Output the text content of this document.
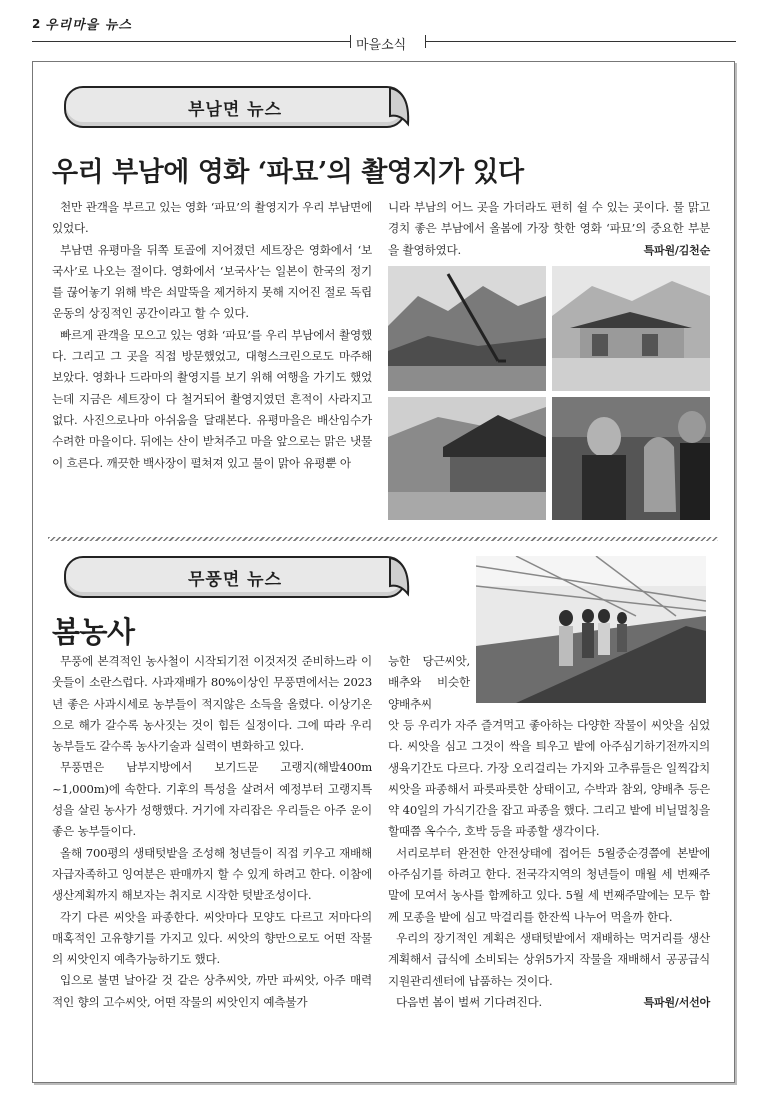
2 우리마을 뉴스
마을소식
부남면 뉴스
우리 부남에 영화 ‘파묘’의 촬영지가 있다

천만 관객을 부르고 있는 영화 ‘파묘’의 촬영지가 우리 부남면에 있었다.

부남면 유평마을 뒤쪽 토골에 지어졌던 세트장은 영화에서 ‘보국사’로 나오는 절이다. 영화에서 ‘보국사’는 일본이 한국의 정기를 끊어놓기 위해 박은 쇠말뚝을 제거하지 못해 지어진 절로 독립운동의 상징적인 공간이라고 할 수 있다.

빠르게 관객을 모으고 있는 영화 ‘파묘’를 우리 부남에서 촬영했다. 그리고 그 곳을 직접 방문했었고, 대형스크린으로도 마주해 보았다. 영화나 드라마의 촬영지를 보기 위해 여행을 가기도 했었는데 지금은 세트장이 다 철거되어 촬영지였던 흔적이 사라지고 없다. 사진으로나마 아쉬움을 달래본다. 유평마을은 배산임수가 수려한 마을이다. 뒤에는 산이 받쳐주고 마을 앞으로는 맑은 냇물이 흐른다. 깨끗한 백사장이 펼쳐져 있고 물이 맑아 유평뿐 아

니라 부남의 어느 곳을 가더라도 편히 쉴 수 있는 곳이다. 물 맑고 경치 좋은 부남에서 올봄에 가장 핫한 영화 ‘파묘’의 중요한 부분을 촬영하였다.	특파원/김천순
무풍면 뉴스
봄농사

무풍에 본격적인 농사철이 시작되기전 이것저것 준비하느라 이웃들이 소란스럽다. 사과재배가 80%이상인 무풍면에서는 2023년 좋은 사과시세로 농부들이 적지않은 소득을 올렸다. 이상기온으로 해가 갈수록 농사짓는 것이 힘든 실정이다. 그에 따라 우리 농부들도 갈수록 농사기술과 실력이 변화하고 있다.

무풍면은 남부지방에서 보기드문 고랭지(해발400m ~1,000m)에 속한다. 기후의 특성을 살려서 예정부터 고랭지특성을 살린 농사가 성행했다. 거기에 자리잡은 우리들은 아주 운이 좋은 농부들이다.

올해 700평의 생태텃밭을 조성해 청년들이 직접 키우고 재배해 자급자족하고 잉여분은 판매까지 할 수 있게 하려고 한다. 이참에 생산계획까지 해보자는 취지로 시작한 텃밭조성이다.

각기 다른 씨앗을 파종한다. 씨앗마다 모양도 다르고 저마다의 매혹적인 고유향기를 가지고 있다. 씨앗의 향만으로도 어떤 작물의 씨앗인지 예측가능하기도 했다.

입으로 불면 날아갈 것 같은 상추씨앗, 까만 파씨앗, 아주 매력적인 향의 고수씨앗, 어떤 작물의 씨앗인지 예측불가

능한 당근씨앗, 배추와 비슷한 양배추씨

앗 등 우리가 자주 즐겨먹고 좋아하는 다양한 작물이 씨앗을 심었다. 씨앗을 심고 그것이 싹을 틔우고 밭에 아주심기하기전까지의 생육기간도 다르다. 가장 오리걸리는 가지와 고추류들은 일찍갑치 씨앗을 파종해서 파릇파릇한 상태이고, 수박과 참외, 양배추 등은 약 40일의 가식기간을 잡고 파종을 했다. 그리고 밭에 비닐멀칭을 할때쯤 옥수수, 호박 등을 파종할 생각이다.

서리로부터 완전한 안전상태에 접어든 5월중순경쯤에 본밭에 아주심기를 하려고 한다. 전국각지역의 청년들이 매월 세 번째주말에 모여서 농사를 함께하고 있다. 5월 세 번째주말에는 모두 함께 모종을 밭에 심고 막걸리를 한잔씩 나누어 먹을까 한다.

우리의 장기적인 계획은 생태텃밭에서 재배하는 먹거리를 생산계획해서 급식에 소비되는 상위5가지 작물을 재배해서 공공급식지원관리센터에 납품하는 것이다.

다음번 봄이 벌써 기다려진다.	특파원/서선아
